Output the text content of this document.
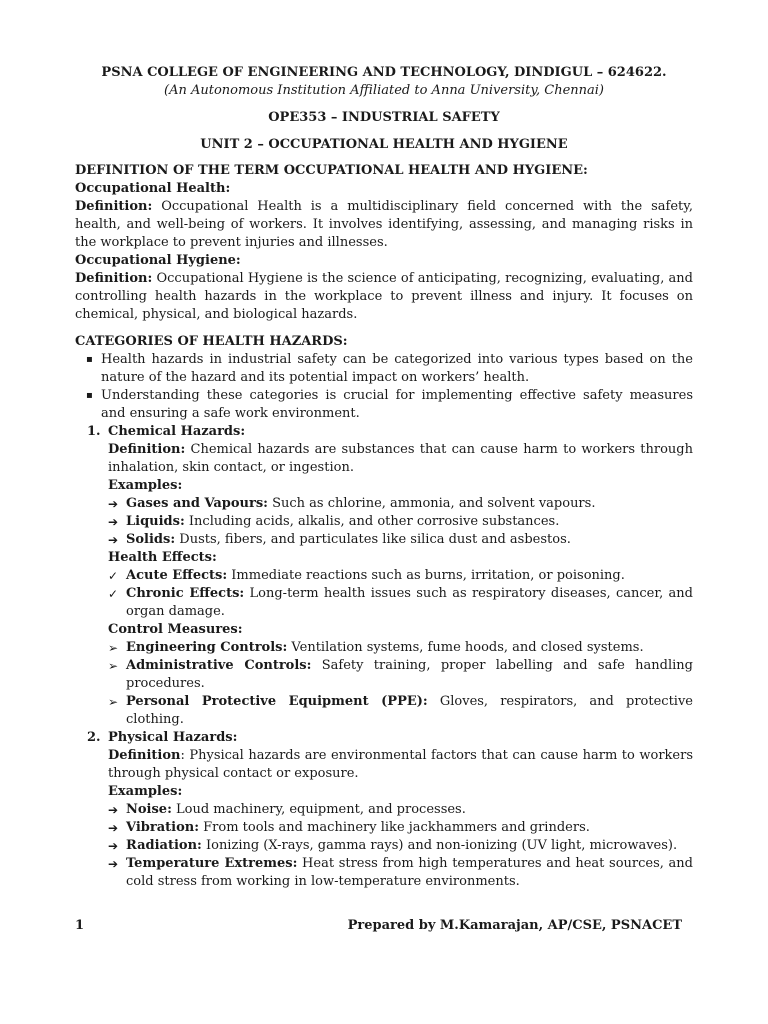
PSNA COLLEGE OF ENGINEERING AND TECHNOLOGY, DINDIGUL – 624622.
(An Autonomous Institution Affiliated to Anna University, Chennai)
OPE353 – INDUSTRIAL SAFETY
UNIT 2 – OCCUPATIONAL HEALTH AND HYGIENE
DEFINITION OF THE TERM OCCUPATIONAL HEALTH AND HYGIENE:
Occupational Health:

Definition: Occupational Health is a multidisciplinary field concerned with the safety, health, and well-being of workers. It involves identifying, assessing, and managing risks in the workplace to prevent injuries and illnesses.

Occupational Hygiene:

Definition: Occupational Hygiene is the science of anticipating, recognizing, evaluating, and controlling health hazards in the workplace to prevent illness and injury. It focuses on chemical, physical, and biological hazards.

CATEGORIES OF HEALTH HAZARDS:
▪ Health hazards in industrial safety can be categorized into various types based on the nature of the hazard and its potential impact on workers’ health.
▪ Understanding these categories is crucial for implementing effective safety measures and ensuring a safe work environment.
1. Chemical Hazards:

Definition: Chemical hazards are substances that can cause harm to workers through inhalation, skin contact, or ingestion.

Examples:
➔ Gases and Vapours: Such as chlorine, ammonia, and solvent vapours.
➔ Liquids: Including acids, alkalis, and other corrosive substances.
➔ Solids: Dusts, fibers, and particulates like silica dust and asbestos.
Health Effects:
✓ Acute Effects: Immediate reactions such as burns, irritation, or poisoning.
✓ Chronic Effects: Long-term health issues such as respiratory diseases, cancer, and organ damage.
Control Measures:
➢ Engineering Controls: Ventilation systems, fume hoods, and closed systems.
➢ Administrative Controls: Safety training, proper labelling and safe handling procedures.
➢ Personal Protective Equipment (PPE): Gloves, respirators, and protective clothing.
2. Physical Hazards:

Definition: Physical hazards are environmental factors that can cause harm to workers through physical contact or exposure.

Examples:
➔ Noise: Loud machinery, equipment, and processes.
➔ Vibration: From tools and machinery like jackhammers and grinders.
➔ Radiation: Ionizing (X-rays, gamma rays) and non-ionizing (UV light, microwaves).
➔ Temperature Extremes: Heat stress from high temperatures and heat sources, and cold stress from working in low-temperature environments.
1	Prepared by M.Kamarajan, AP/CSE, PSNACET
